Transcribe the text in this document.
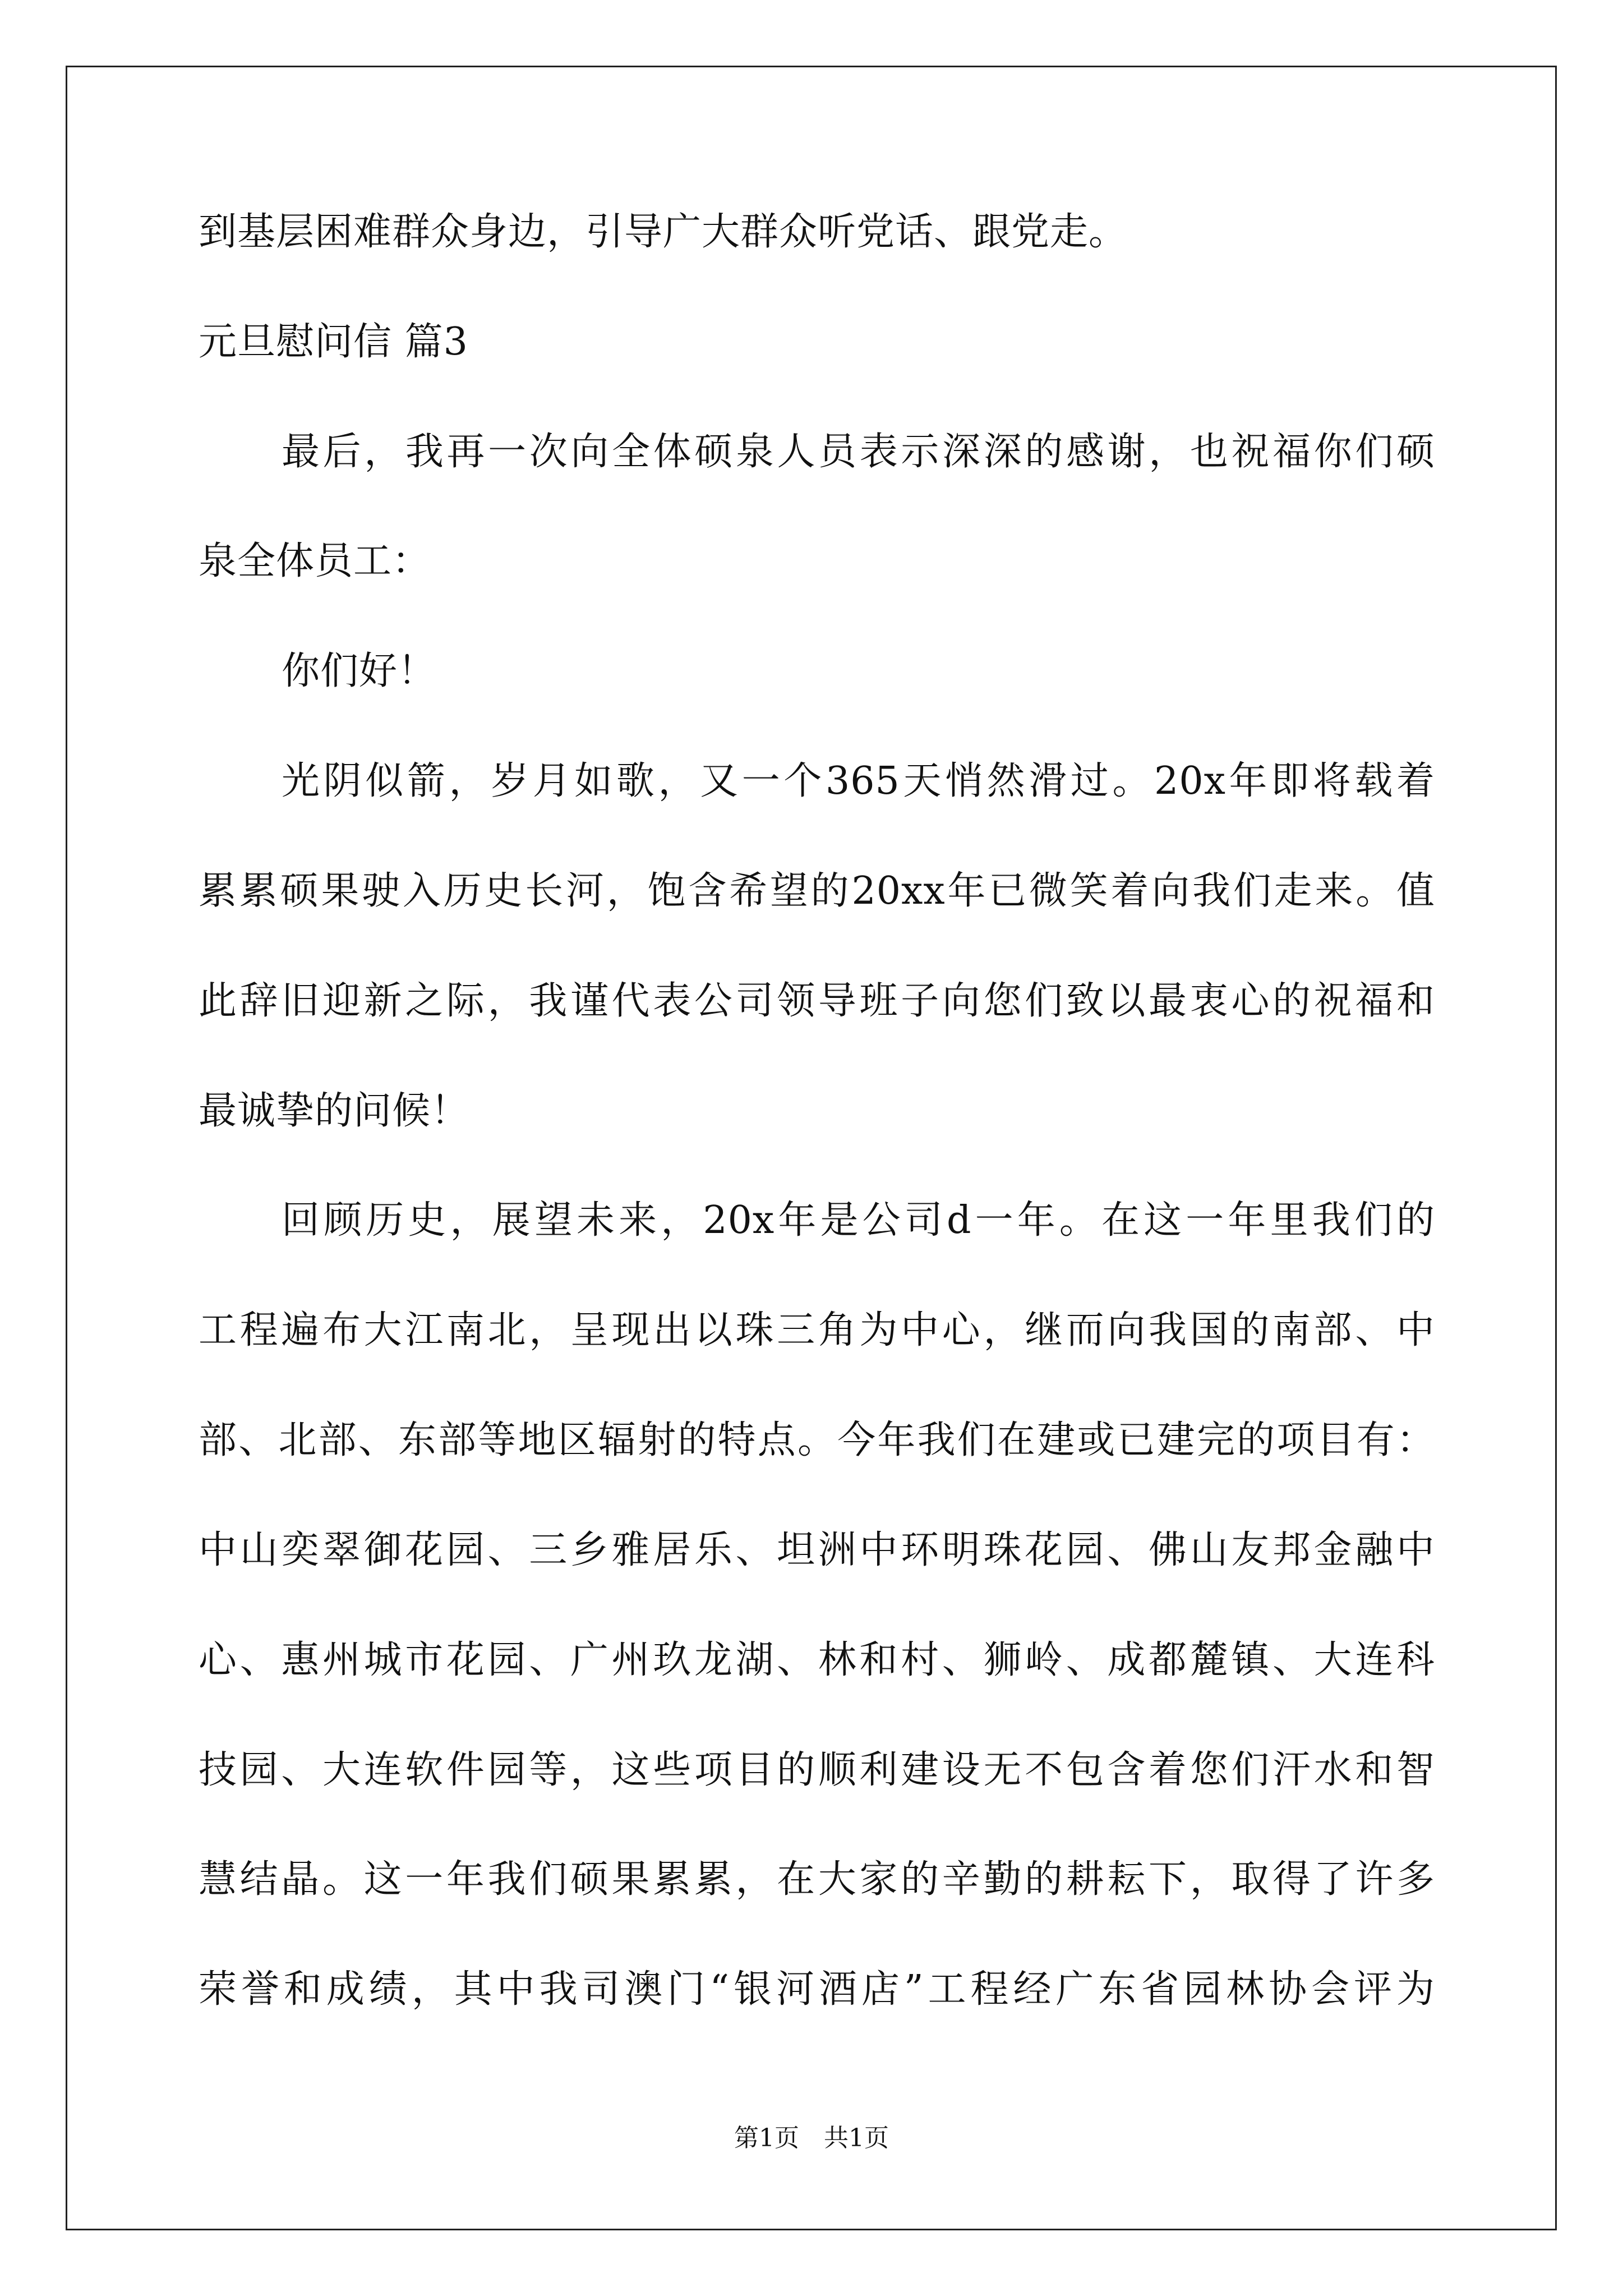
到基层困难群众身边，引导广大群众听党话、跟党走。

元旦慰问信 篇3

最后，我再一次向全体硕泉人员表示深深的感谢，也祝福你们硕

泉全体员工：

你们好！

光阴似箭，岁月如歌，又一个365天悄然滑过。20x年即将载着

累累硕果驶入历史长河，饱含希望的20xx年已微笑着向我们走来。值

此辞旧迎新之际，我谨代表公司领导班子向您们致以最衷心的祝福和

最诚挚的问候！

回顾历史，展望未来，20x年是公司d一年。在这一年里我们的

工程遍布大江南北，呈现出以珠三角为中心，继而向我国的南部、中

部、北部、东部等地区辐射的特点。今年我们在建或已建完的项目有：

中山奕翠御花园、三乡雅居乐、坦洲中环明珠花园、佛山友邦金融中

心、惠州城市花园、广州玖龙湖、林和村、狮岭、成都麓镇、大连科

技园、大连软件园等，这些项目的顺利建设无不包含着您们汗水和智

慧结晶。这一年我们硕果累累，在大家的辛勤的耕耘下，取得了许多

荣誉和成绩，其中我司澳门“银河酒店”工程经广东省园林协会评为

第1页　共1页
